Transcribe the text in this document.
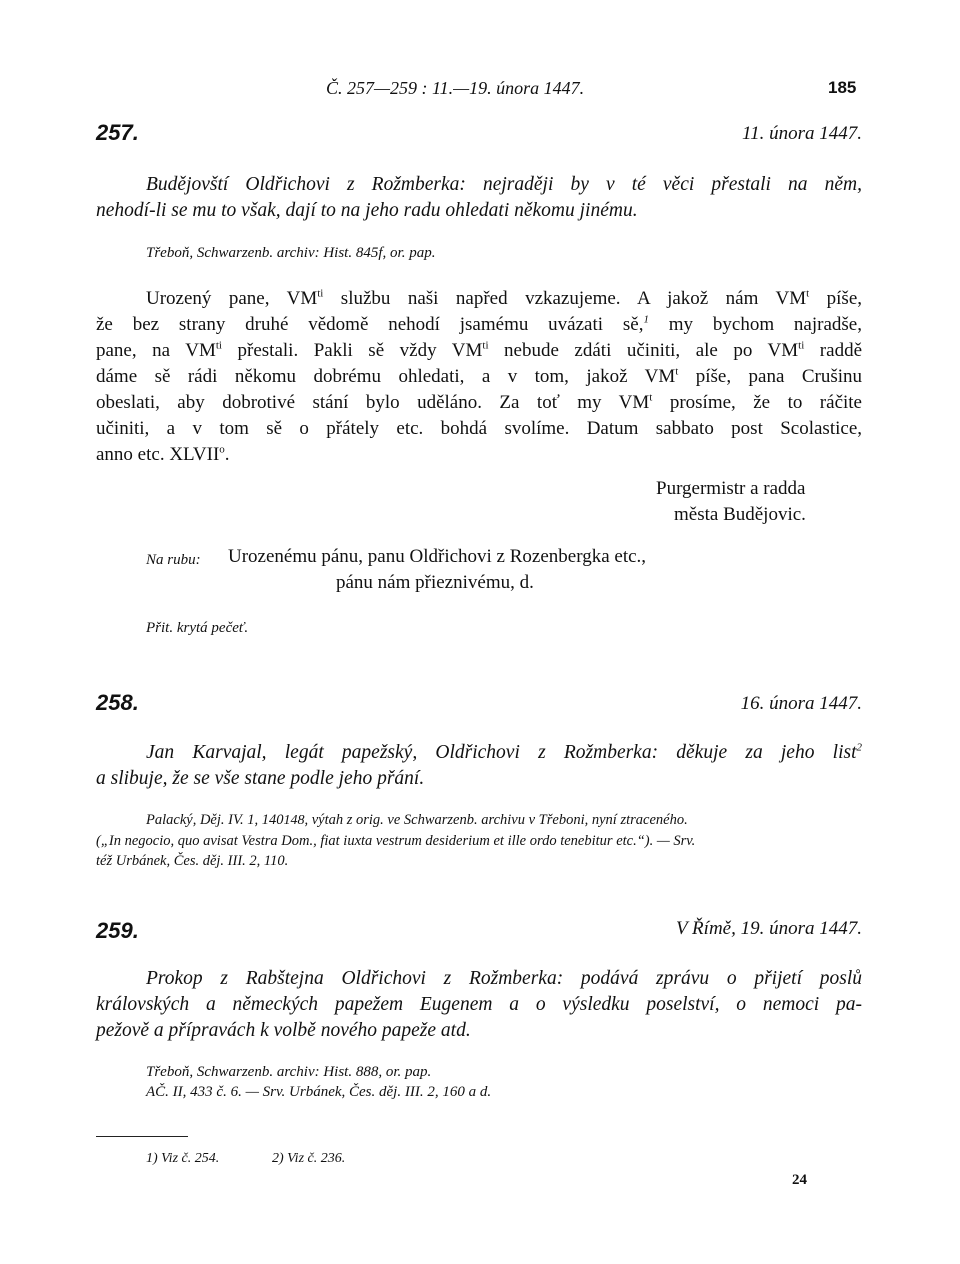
Č. 257—259 : 11.—19. února 1447.	185
257.	11. února 1447.
Budějovští Oldřichovi z Rožmberka: nejraději by v té věci přestali na něm,
nehodí-li se mu to však, dají to na jeho radu ohledati někomu jinému.
Třeboň, Schwarzenb. archiv: Hist. 845f, or. pap.
Urozený pane, $VM^{ti}$ službu naši napřed vzkazujeme. A jakož nám $VM^t$ píše,
že bez strany druhé vědomě nehodí jsamému uvázati sě,$^1$ my bychom najradše,
pane, na $VM^{ti}$ přestali. Pakli sě vždy $VM^{ti}$ nebude zdáti učiniti, ale po $VM^{ti}$ raddě
dáme sě rádi někomu dobrému ohledati, a v tom, jakož $VM^t$ píše, pana Crušinu
obeslati, aby dobrotivé stání bylo uděláno. Za toť my $VM^t$ prosíme, že to ráčite
učiniti, a v tom sě o přátely etc. bohdá svolíme. Datum sabbato post Scolastice,
anno etc. XLVII$^o$.
Purgermistr a radda
města Budějovic.
Na rubu: Urozenému pánu, panu Oldřichovi z Rozenbergka etc.,
pánu nám přieznivému, d.
Přit. krytá pečeť.
258.	16. února 1447.
Jan Karvajal, legát papežský, Oldřichovi z Rožmberka: děkuje za jeho list$^2$
a slibuje, že se vše stane podle jeho přání.
Palacký, Děj. IV. 1, 140148, výtah z orig. ve Schwarzenb. archivu v Třeboni, nyní ztraceného.
(„In negocio, quo avisat Vestra Dom., fiat iuxta vestrum desiderium et ille ordo tenebitur etc.“). — Srv.
též Urbánek, Čes. děj. III. 2, 110.
259.	V Římě, 19. února 1447.
Prokop z Rabštejna Oldřichovi z Rožmberka: podává zprávu o přijetí poslů
královských a německých papežem Eugenem a o výsledku poselství, o nemoci pa-
pežově a přípravách k volbě nového papeže atd.
Třeboň, Schwarzenb. archiv: Hist. 888, or. pap.
AČ. II, 433 č. 6. — Srv. Urbánek, Čes. děj. III. 2, 160 a d.
1) Viz č. 254.	2) Viz č. 236.
24
